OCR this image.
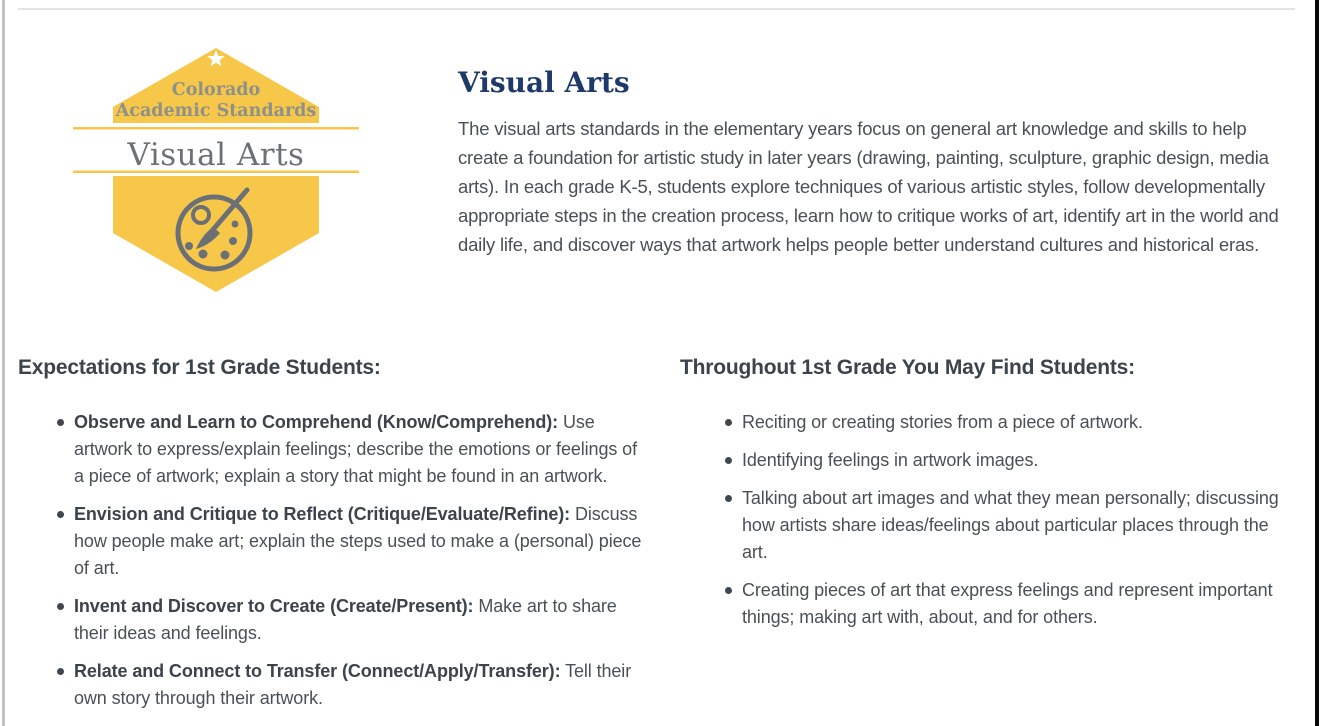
Colorado
Academic Standards
Visual Arts
Visual Arts

The visual arts standards in the elementary years focus on general art knowledge and skills to help create a foundation for artistic study in later years (drawing, painting, sculpture, graphic design, media arts). In each grade K-5, students explore techniques of various artistic styles, follow developmentally appropriate steps in the creation process, learn how to critique works of art, identify art in the world and daily life, and discover ways that artwork helps people better understand cultures and historical eras.

Expectations for 1st Grade Students:
Observe and Learn to Comprehend (Know/Comprehend): Use artwork to express/explain feelings; describe the emotions or feelings of a piece of artwork; explain a story that might be found in an artwork.
Envision and Critique to Reflect (Critique/Evaluate/Refine): Discuss how people make art; explain the steps used to make a (personal) piece of art.
Invent and Discover to Create (Create/Present): Make art to share their ideas and feelings.
Relate and Connect to Transfer (Connect/Apply/Transfer): Tell their own story through their artwork.
Throughout 1st Grade You May Find Students:
Reciting or creating stories from a piece of artwork.
Identifying feelings in artwork images.
Talking about art images and what they mean personally; discussing how artists share ideas/feelings about particular places through the art.
Creating pieces of art that express feelings and represent important things; making art with, about, and for others.
